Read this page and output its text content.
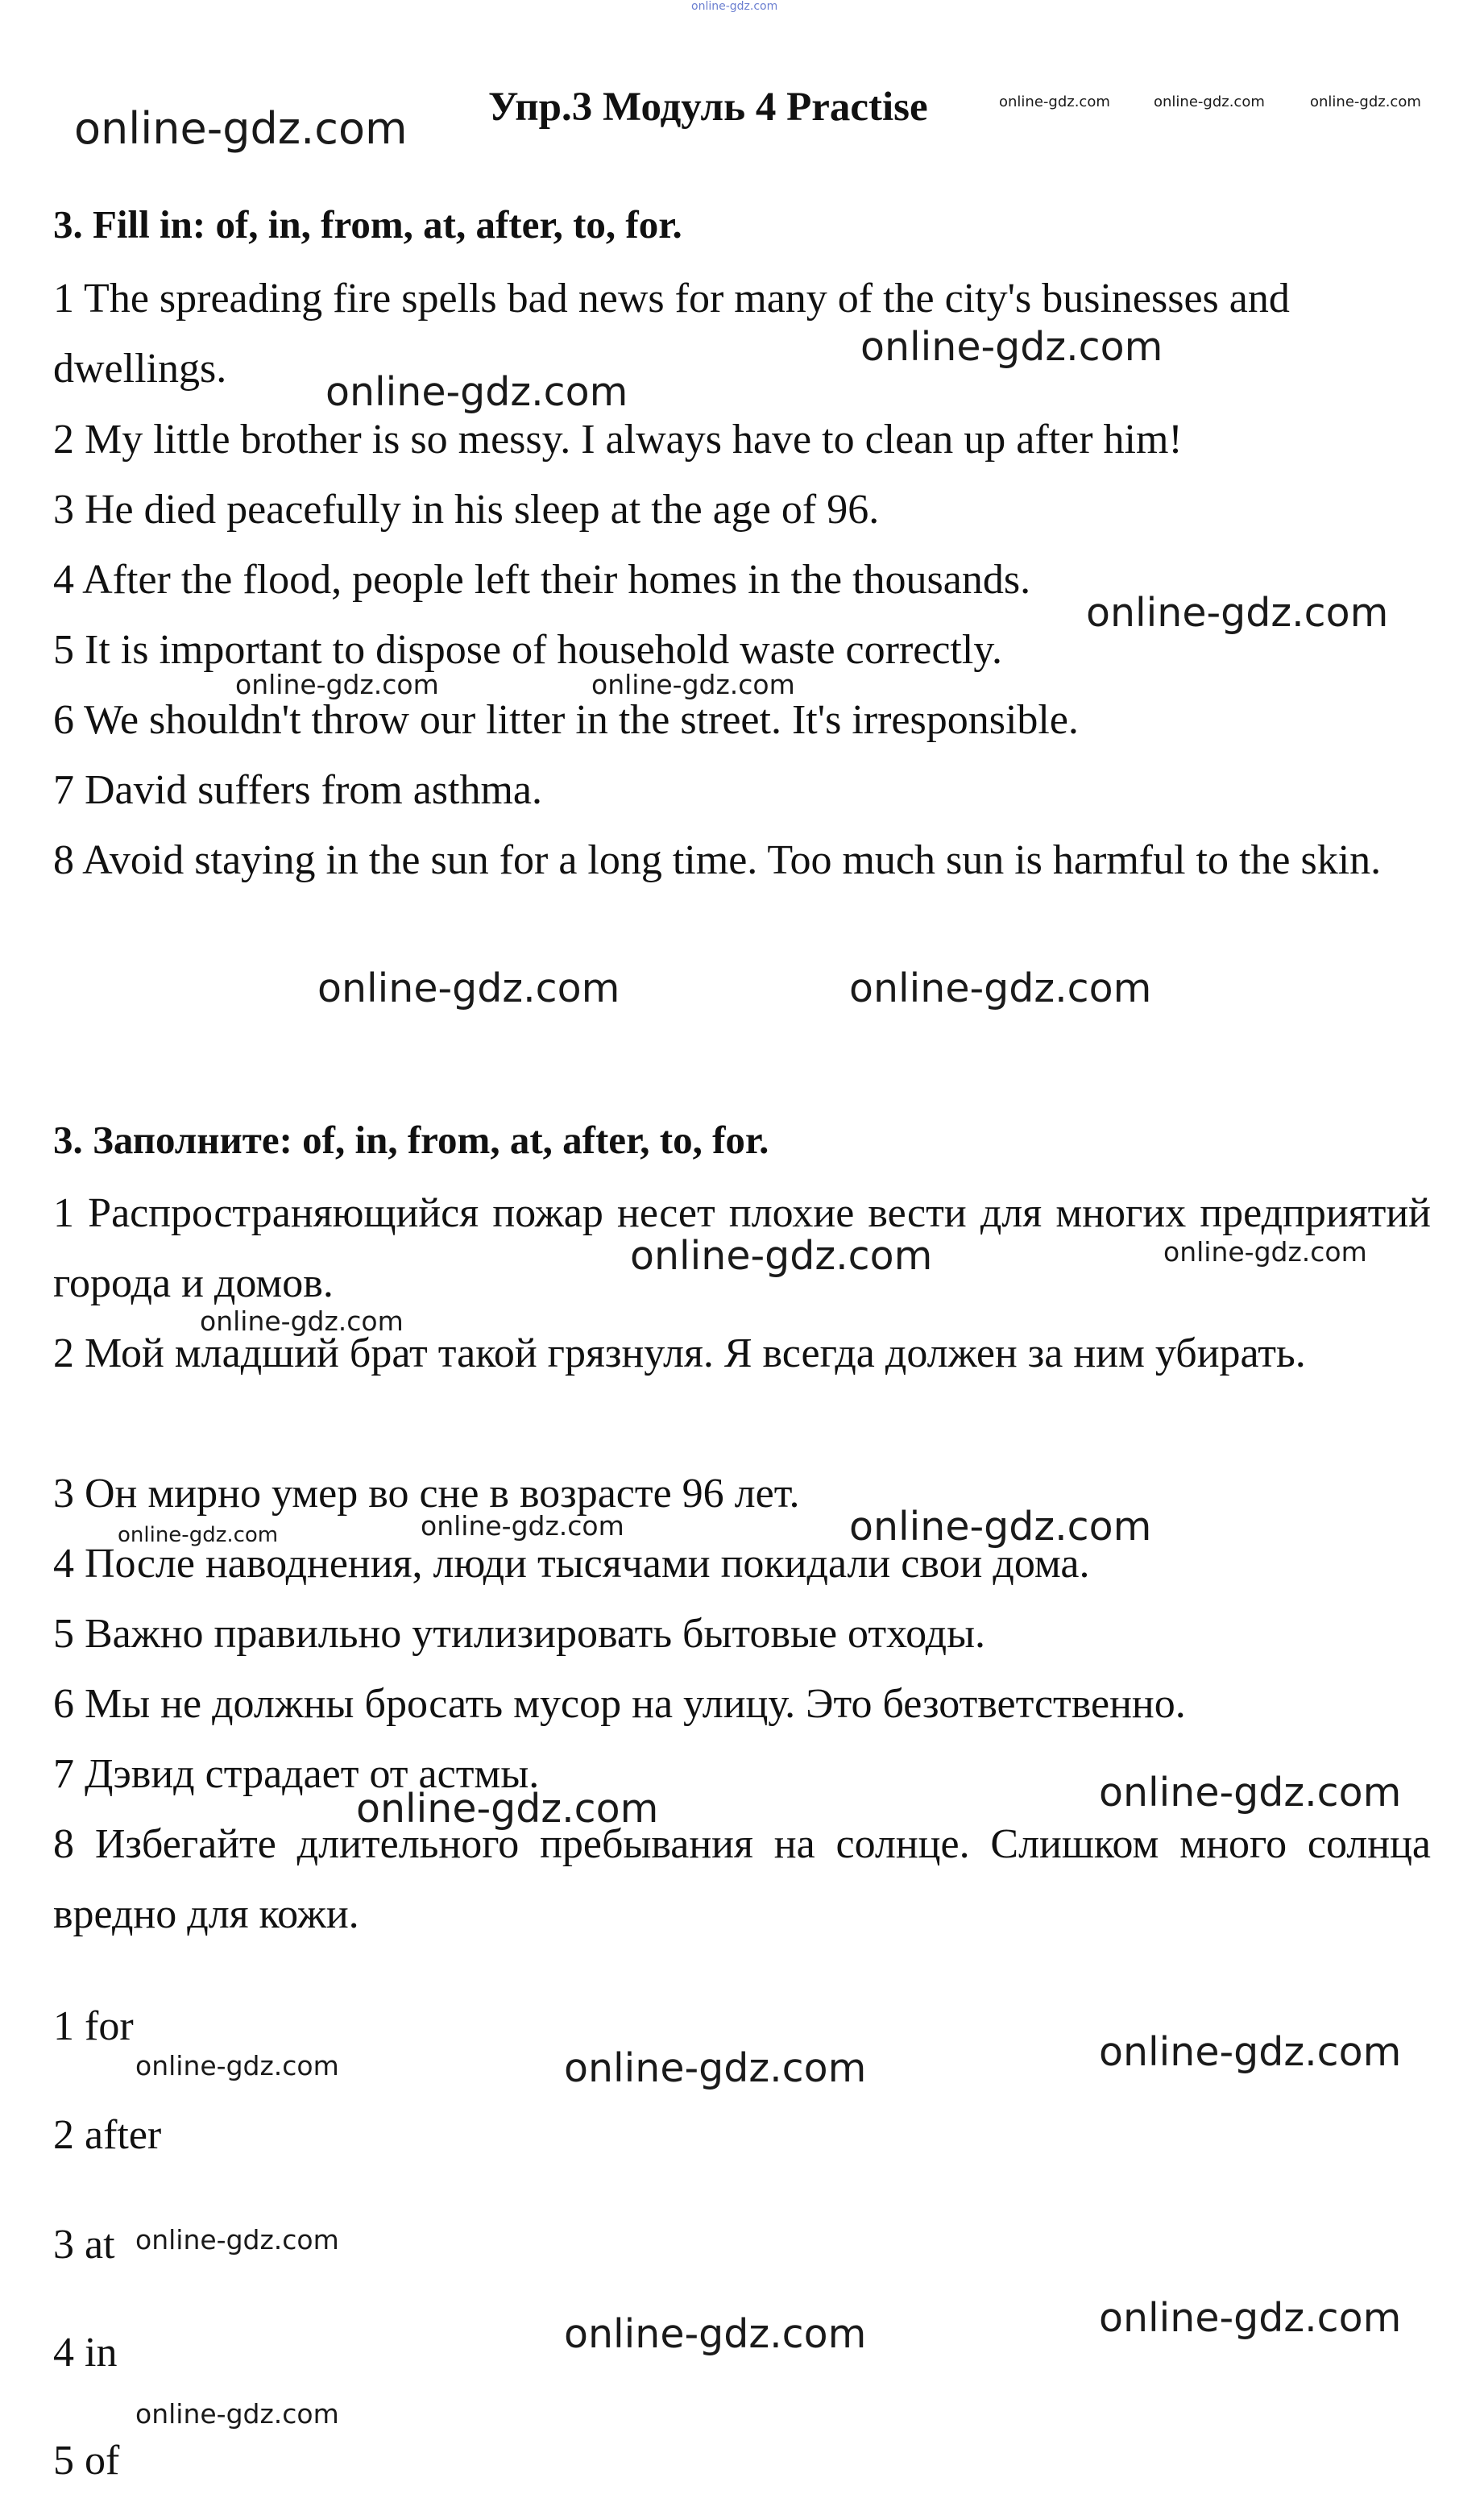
online-gdz.com
online-gdz.com Упр.3 Модуль 4 Practise	online-gdz.com	online-gdz.com	online-gdz.com
3. Fill in: of, in, from, at, after, to, for.
1 The spreading fire spells bad news for many of the city's businesses and dwellings.
2 My little brother is so messy. I always have to clean up after him!
3 He died peacefully in his sleep at the age of 96.
4 After the flood, people left their homes in the thousands.
5 It is important to dispose of household waste correctly.
6 We shouldn't throw our litter in the street. It's irresponsible.
7 David suffers from asthma.
8 Avoid staying in the sun for a long time. Too much sun is harmful to the skin.
online-gdz.com
online-gdz.com
online-gdz.com
online-gdz.com	online-gdz.com
online-gdz.com	online-gdz.com
3. Заполните: of, in, from, at, after, to, for.
1 Распространяющийся пожар несет плохие вести для многих предприятий города и домов.
2 Мой младший брат такой грязнуля. Я всегда должен за ним убирать.
3 Он мирно умер во сне в возрасте 96 лет.
4 После наводнения, люди тысячами покидали свои дома.
5 Важно правильно утилизировать бытовые отходы.
6 Мы не должны бросать мусор на улицу. Это безответственно.
7 Дэвид страдает от астмы.
8 Избегайте длительного пребывания на солнце. Слишком много солнца вредно для кожи.
online-gdz.com	online-gdz.com
online-gdz.com
online-gdz.com	online-gdz.com	online-gdz.com
online-gdz.com
online-gdz.com
1 for
2 after
3 at
4 in
5 of
online-gdz.com	online-gdz.com	online-gdz.com
online-gdz.com
online-gdz.com	online-gdz.com
online-gdz.com
